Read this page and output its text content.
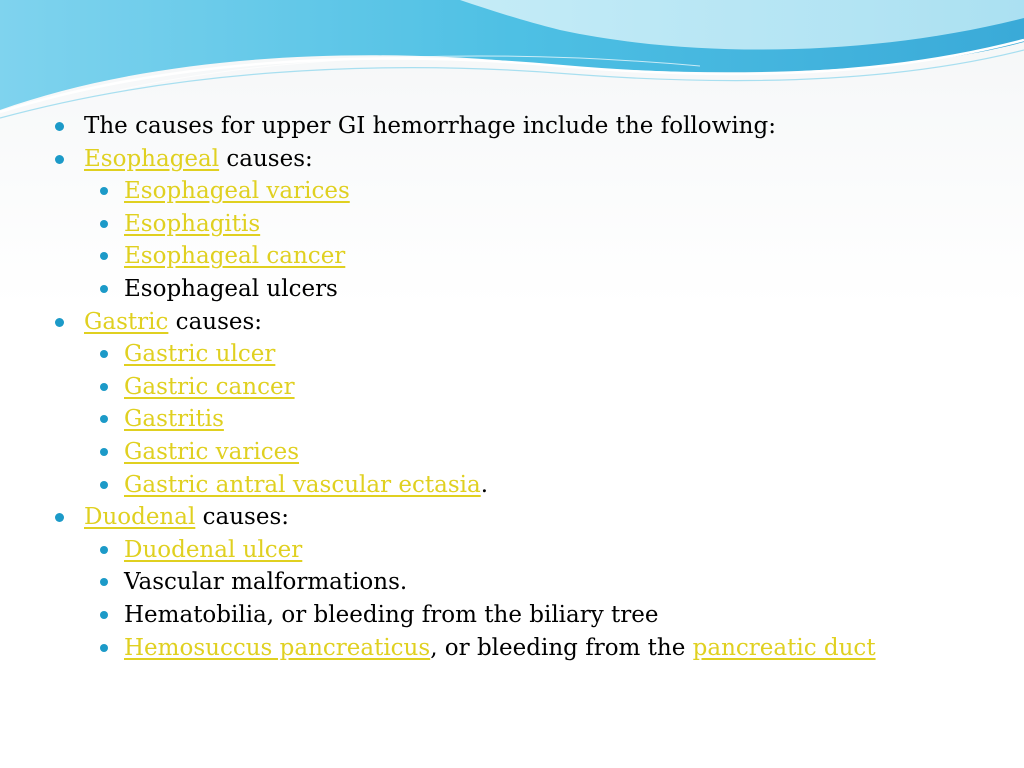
The causes for upper GI hemorrhage include the following:
Esophageal causes:
Esophageal varices
Esophagitis
Esophageal cancer
Esophageal ulcers
Gastric causes:
Gastric ulcer
Gastric cancer
Gastritis
Gastric varices
Gastric antral vascular ectasia.
Duodenal causes:
Duodenal ulcer
Vascular malformations.
Hematobilia, or bleeding from the biliary tree
Hemosuccus pancreaticus, or bleeding from the pancreatic duct
